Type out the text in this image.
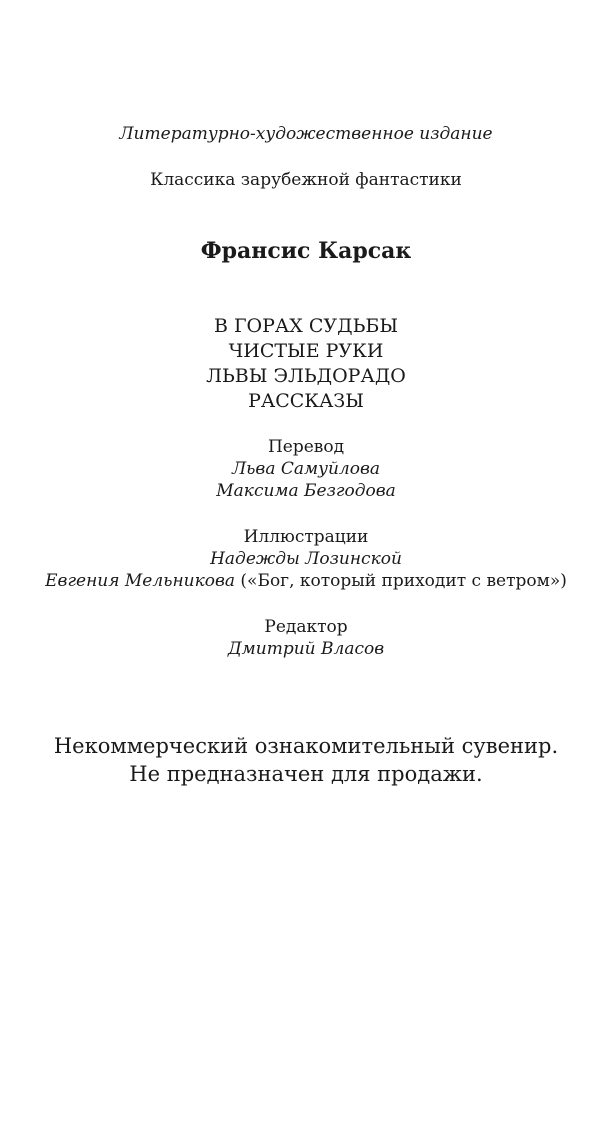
Литературно-художественное издание
Классика зарубежной фантастики
Франсис Карсак
В ГОРАХ СУДЬБЫ
ЧИСТЫЕ РУКИ
ЛЬВЫ ЭЛЬДОРАДО
РАССКАЗЫ
Перевод
Льва Самуйлова
Максима Безгодова
Иллюстрации
Надежды Лозинской
Евгения Мельникова («Бог, который приходит с ветром»)
Редактор
Дмитрий Власов
Некоммерческий ознакомительный сувенир.
Не предназначен для продажи.
